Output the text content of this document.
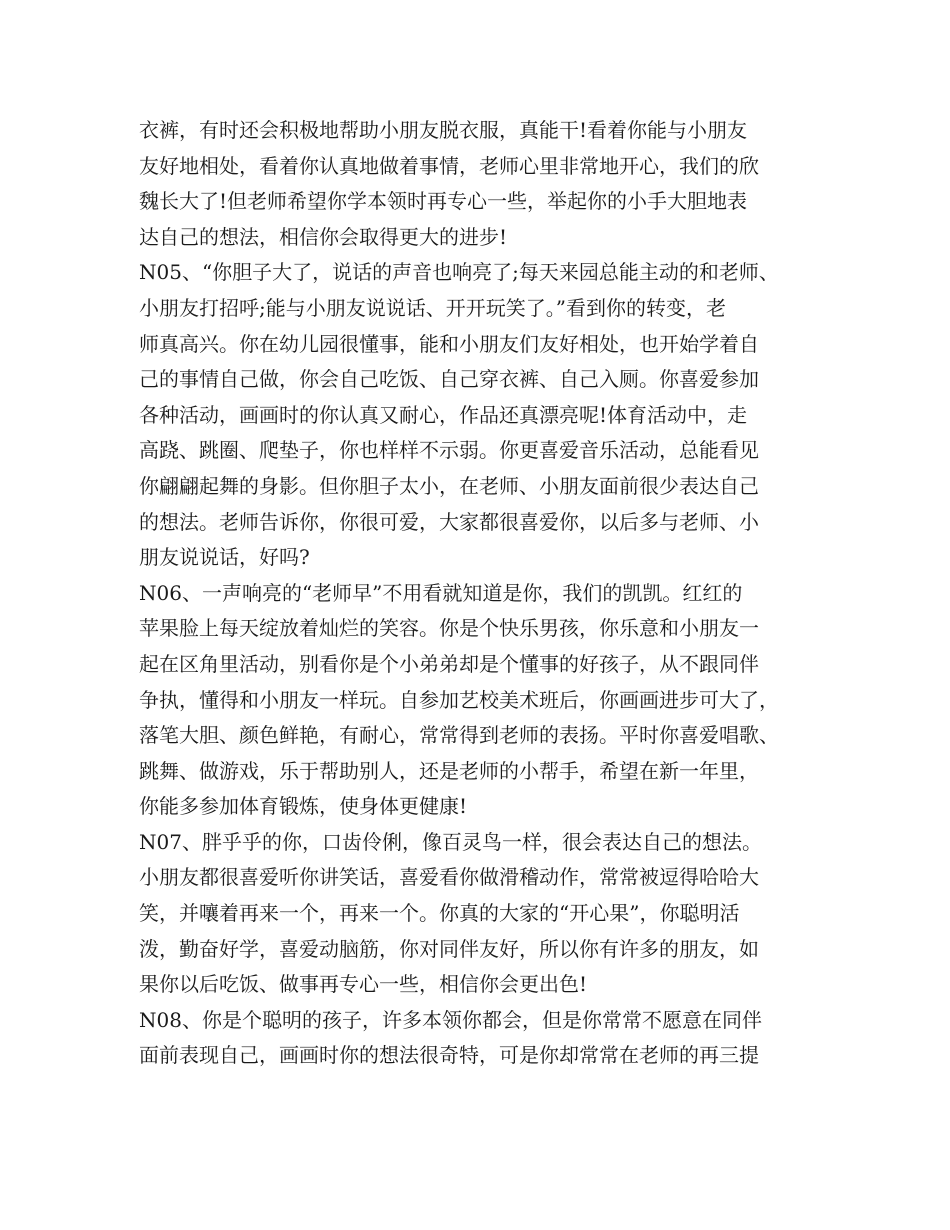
衣裤，有时还会积极地帮助小朋友脱衣服，真能干!看着你能与小朋友
友好地相处，看着你认真地做着事情，老师心里非常地开心，我们的欣
魏长大了!但老师希望你学本领时再专心一些，举起你的小手大胆地表
达自己的想法，相信你会取得更大的进步!
N05、“你胆子大了，说话的声音也响亮了;每天来园总能主动的和老师、
小朋友打招呼;能与小朋友说说话、开开玩笑了。”看到你的转变，老
师真高兴。你在幼儿园很懂事，能和小朋友们友好相处，也开始学着自
己的事情自己做，你会自己吃饭、自己穿衣裤、自己入厕。你喜爱参加
各种活动，画画时的你认真又耐心，作品还真漂亮呢!体育活动中，走
高跷、跳圈、爬垫子，你也样样不示弱。你更喜爱音乐活动，总能看见
你翩翩起舞的身影。但你胆子太小，在老师、小朋友面前很少表达自己
的想法。老师告诉你，你很可爱，大家都很喜爱你，以后多与老师、小
朋友说说话，好吗?
N06、一声响亮的“老师早”不用看就知道是你，我们的凯凯。红红的
苹果脸上每天绽放着灿烂的笑容。你是个快乐男孩，你乐意和小朋友一
起在区角里活动，别看你是个小弟弟却是个懂事的好孩子，从不跟同伴
争执，懂得和小朋友一样玩。自参加艺校美术班后，你画画进步可大了，
落笔大胆、颜色鲜艳，有耐心，常常得到老师的表扬。平时你喜爱唱歌、
跳舞、做游戏，乐于帮助别人，还是老师的小帮手，希望在新一年里，
你能多参加体育锻炼，使身体更健康!
N07、胖乎乎的你，口齿伶俐，像百灵鸟一样，很会表达自己的想法。
小朋友都很喜爱听你讲笑话，喜爱看你做滑稽动作，常常被逗得哈哈大
笑，并嚷着再来一个，再来一个。你真的大家的“开心果”，你聪明活
泼，勤奋好学，喜爱动脑筋，你对同伴友好，所以你有许多的朋友，如
果你以后吃饭、做事再专心一些，相信你会更出色!
N08、你是个聪明的孩子，许多本领你都会，但是你常常不愿意在同伴
面前表现自己，画画时你的想法很奇特，可是你却常常在老师的再三提
